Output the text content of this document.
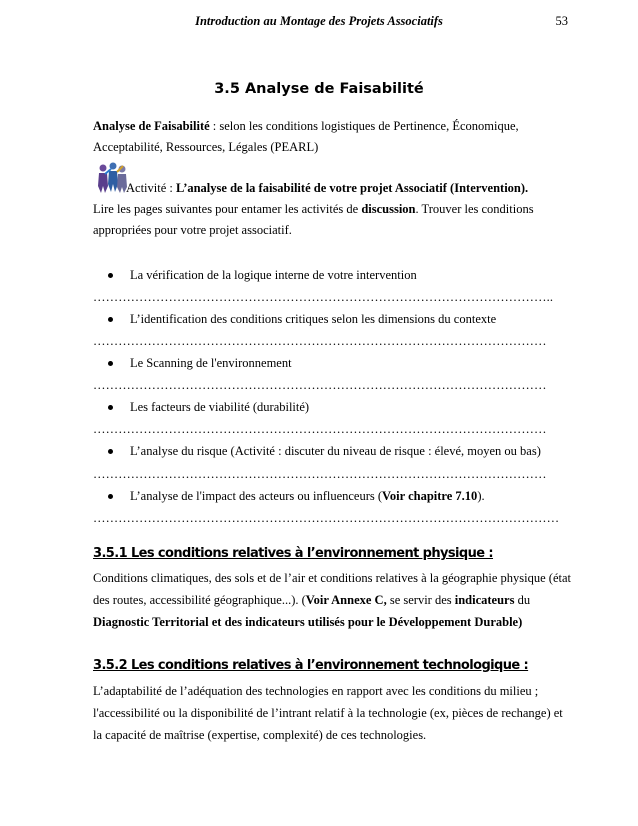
Introduction au Montage des Projets Associatifs	53
3.5 Analyse de Faisabilité
Analyse de Faisabilité : selon les conditions logistiques de Pertinence, Économique, Acceptabilité, Ressources, Légales (PEARL)
Activité : L’analyse de la faisabilité de votre projet Associatif (Intervention).
Lire les pages suivantes pour entamer les activités de discussion. Trouver les conditions appropriées pour votre projet associatif.
La vérification de la logique interne de votre intervention
………………………………………………………………………………………………..
L’identification des conditions critiques selon les dimensions du contexte
………………………………………………………………………………………………
Le Scanning de l'environnement
………………………………………………………………………………………………
Les facteurs de viabilité (durabilité)
………………………………………………………………………………………………
L’analyse du risque (Activité : discuter du niveau de risque : élevé, moyen ou bas)
………………………………………………………………………………………………
L’analyse de l'impact des acteurs ou influenceurs (Voir chapitre 7.10).
…………………………………………………………………………………………………
3.5.1 Les conditions relatives à l’environnement physique :
Conditions climatiques, des sols et de l’air et conditions relatives à la géographie physique (état des routes, accessibilité géographique...). (Voir Annexe C, se servir des indicateurs du Diagnostic Territorial et des indicateurs utilisés pour le Développement Durable)
3.5.2 Les conditions relatives à l’environnement technologique :
L’adaptabilité de l’adéquation des technologies en rapport avec les conditions du milieu ; l'accessibilité ou la disponibilité de l’intrant relatif à la technologie (ex, pièces de rechange) et la capacité de maîtrise (expertise, complexité) de ces technologies.
